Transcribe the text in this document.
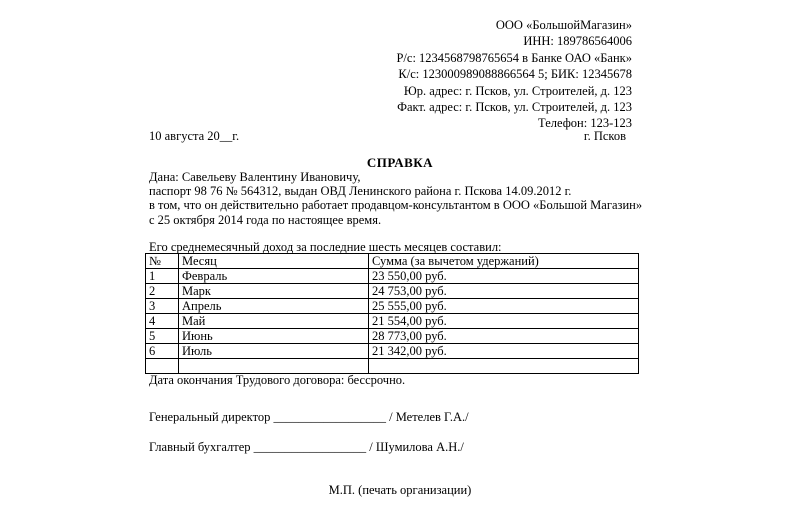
ООО «БольшойМагазин»
ИНН: 189786564006
Р/с: 1234568798765654 в Банке ОАО «Банк»
К/с: 123000989088866564 5; БИК: 12345678
Юр. адрес: г. Псков, ул. Строителей, д. 123
Факт. адрес: г. Псков, ул. Строителей, д. 123
Телефон: 123-123
10 августа 20__г.	г. Псков
СПРАВКА
Дана: Савельеву Валентину Ивановичу,
паспорт 98 76 № 564312, выдан ОВД Ленинского района г. Пскова 14.09.2012 г.
в том, что он действительно работает продавцом-консультантом в ООО «Большой Магазин»
с 25 октября 2014 года по настоящее время.
Его среднемесячный доход за последние шесть месяцев составил:
№	Месяц	Сумма (за вычетом удержаний)
1	Февраль	23 550,00 руб.
2	Марк	24 753,00 руб.
3	Апрель	25 555,00 руб.
4	Май	21 554,00 руб.
5	Июнь	28 773,00 руб.
6	Июль	21 342,00 руб.

Дата окончания Трудового договора: бессрочно.
Генеральный директор __________________ / Метелев Г.А./
Главный бухгалтер __________________ / Шумилова А.Н./
М.П. (печать организации)
